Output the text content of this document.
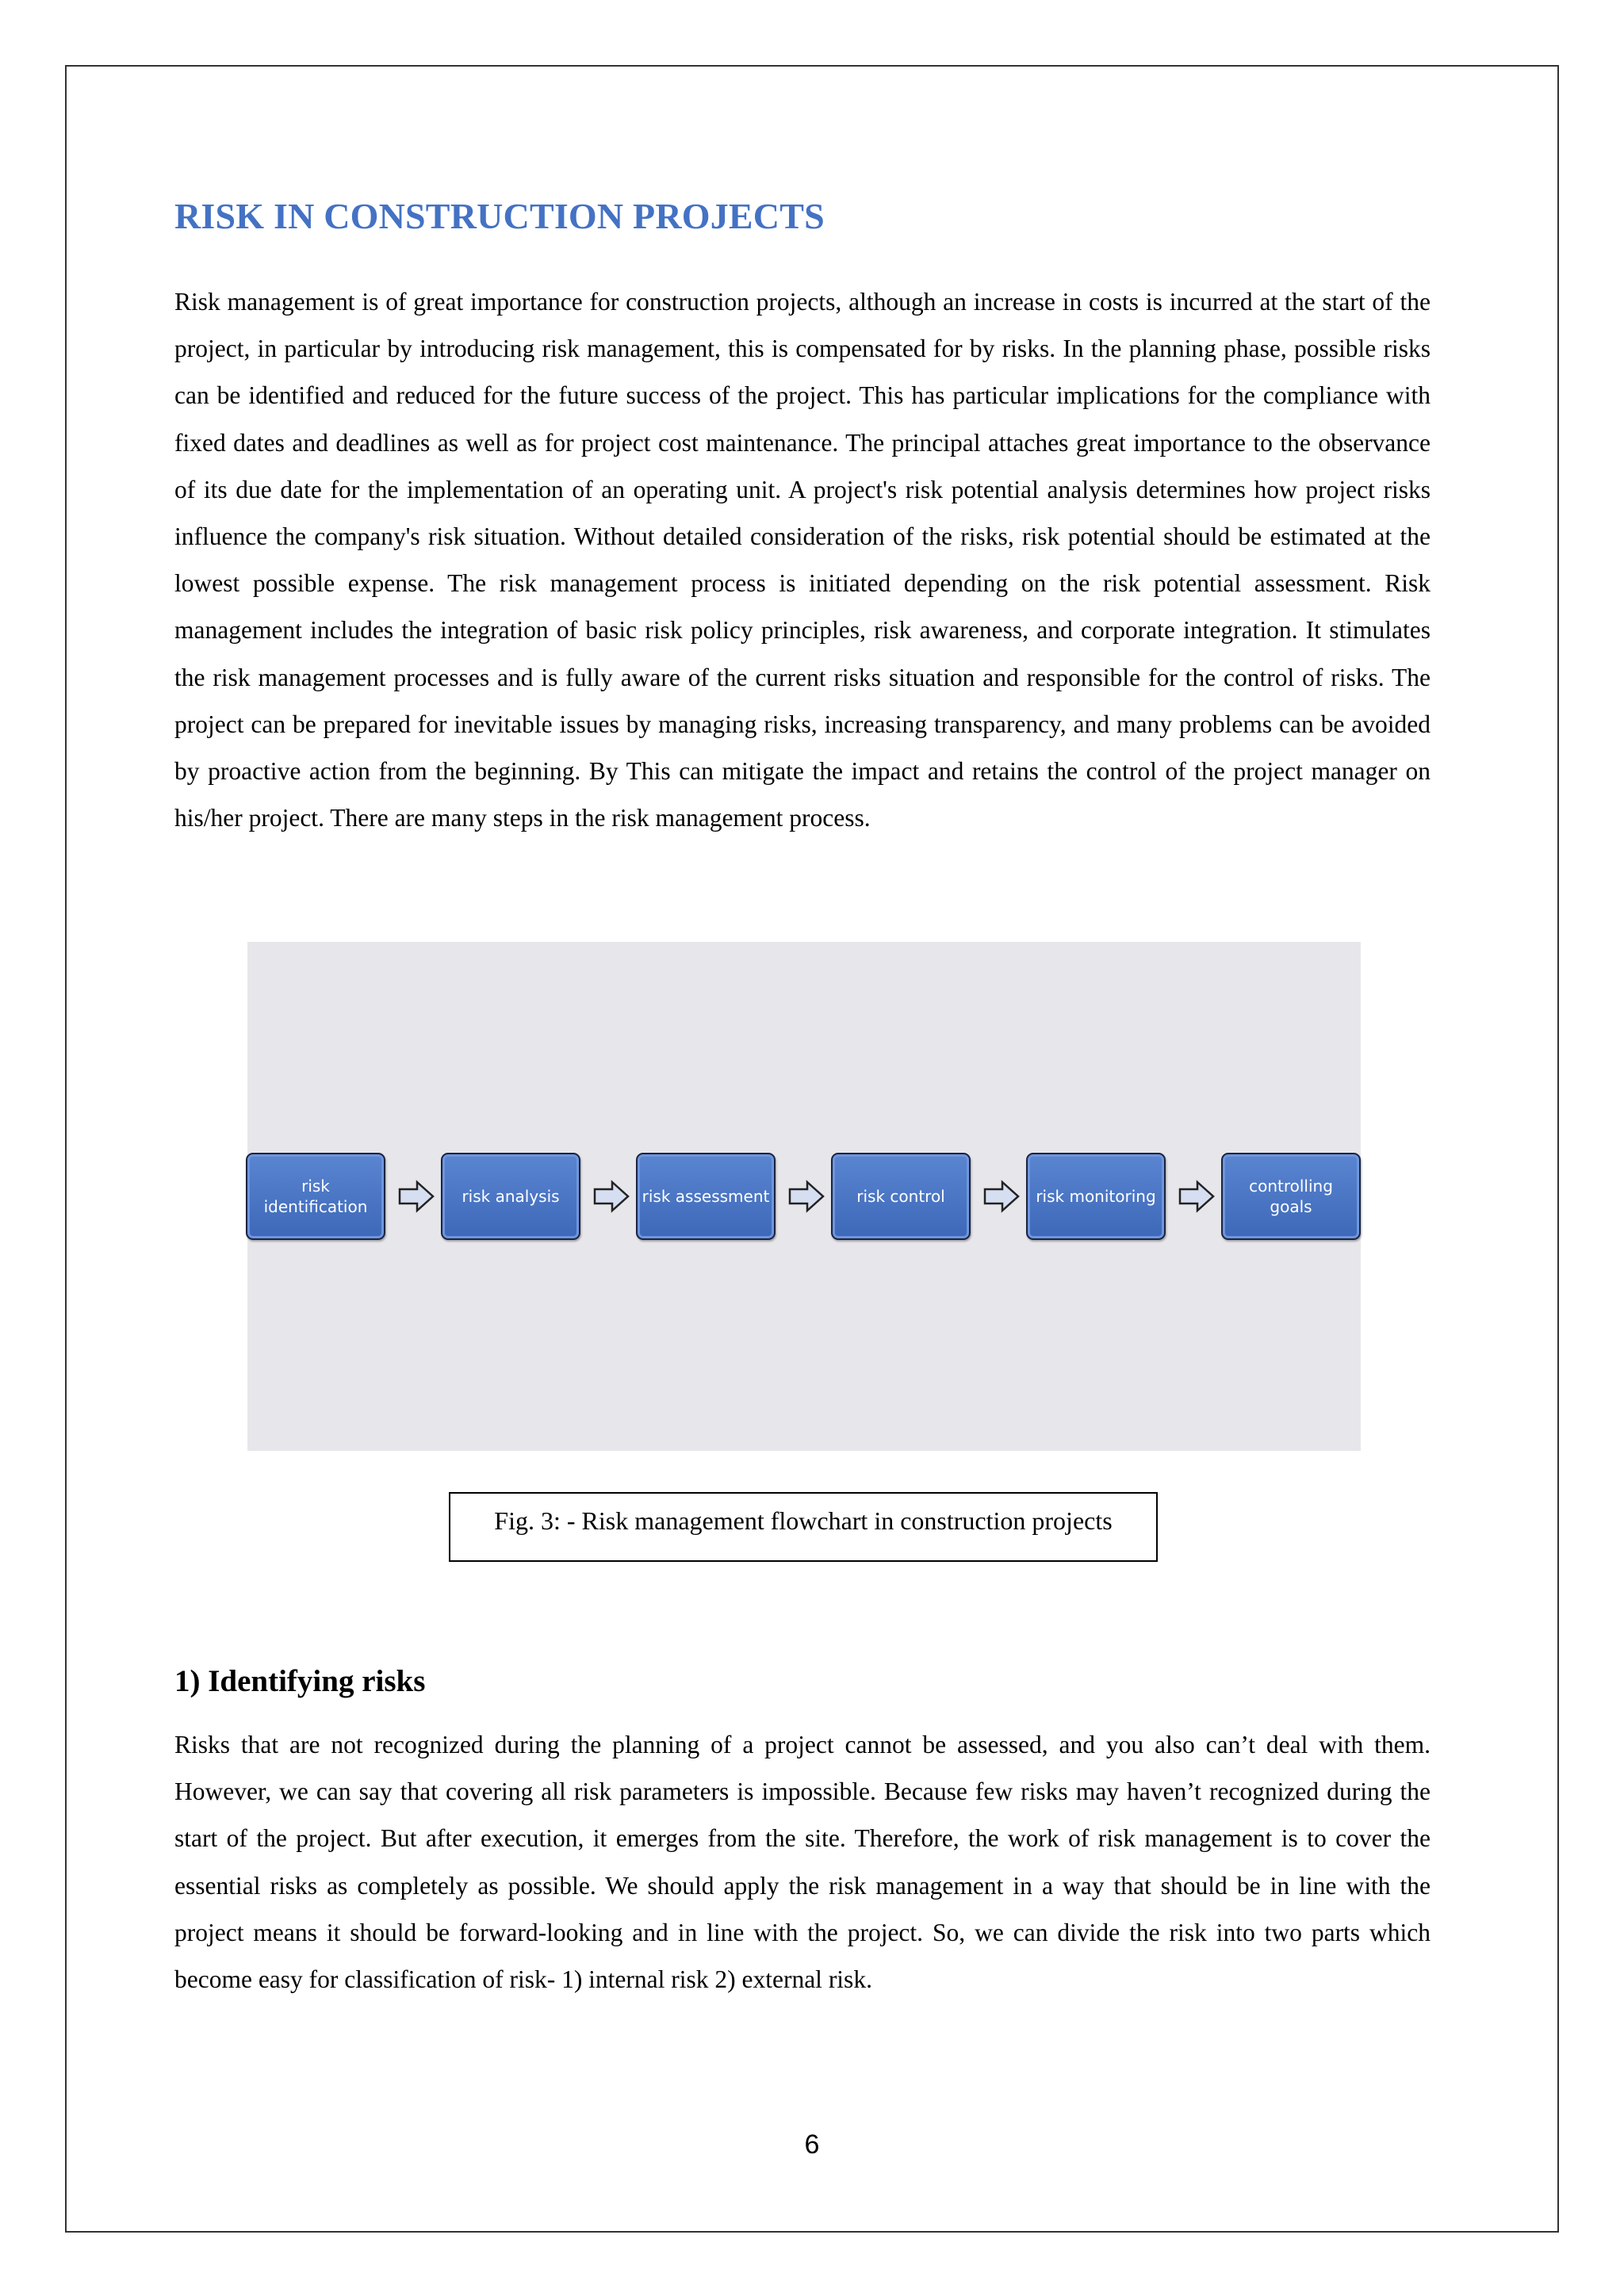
RISK IN CONSTRUCTION PROJECTS

Risk management is of great importance for construction projects, although an increase in costs is incurred at the start of the project, in particular by introducing risk management, this is compensated for by risks. In the planning phase, possible risks can be identified and reduced for the future success of the project. This has particular implications for the compliance with fixed dates and deadlines as well as for project cost maintenance. The principal attaches great importance to the observance of its due date for the implementation of an operating unit. A project's risk potential analysis determines how project risks influence the company's risk situation. Without detailed consideration of the risks, risk potential should be estimated at the lowest possible expense. The risk management process is initiated depending on the risk potential assessment. Risk management includes the integration of basic risk policy principles, risk awareness, and corporate integration. It stimulates the risk management processes and is fully aware of the current risks situation and responsible for the control of risks. The project can be prepared for inevitable issues by managing risks, increasing transparency, and many problems can be avoided by proactive action from the beginning. By This can mitigate the impact and retains the control of the project manager on his/her project. There are many steps in the risk management process.

risk identification
risk analysis	risk assessment	risk control	risk monitoring
controlling goals
Fig. 3: - Risk management flowchart in construction projects
1) Identifying risks

Risks that are not recognized during the planning of a project cannot be assessed, and you also can’t deal with them. However, we can say that covering all risk parameters is impossible. Because few risks may haven’t recognized during the start of the project. But after execution, it emerges from the site. Therefore, the work of risk management is to cover the essential risks as completely as possible. We should apply the risk management in a way that should be in line with the project means it should be forward-looking and in line with the project. So, we can divide the risk into two parts which become easy for classification of risk- 1) internal risk 2) external risk.

6
